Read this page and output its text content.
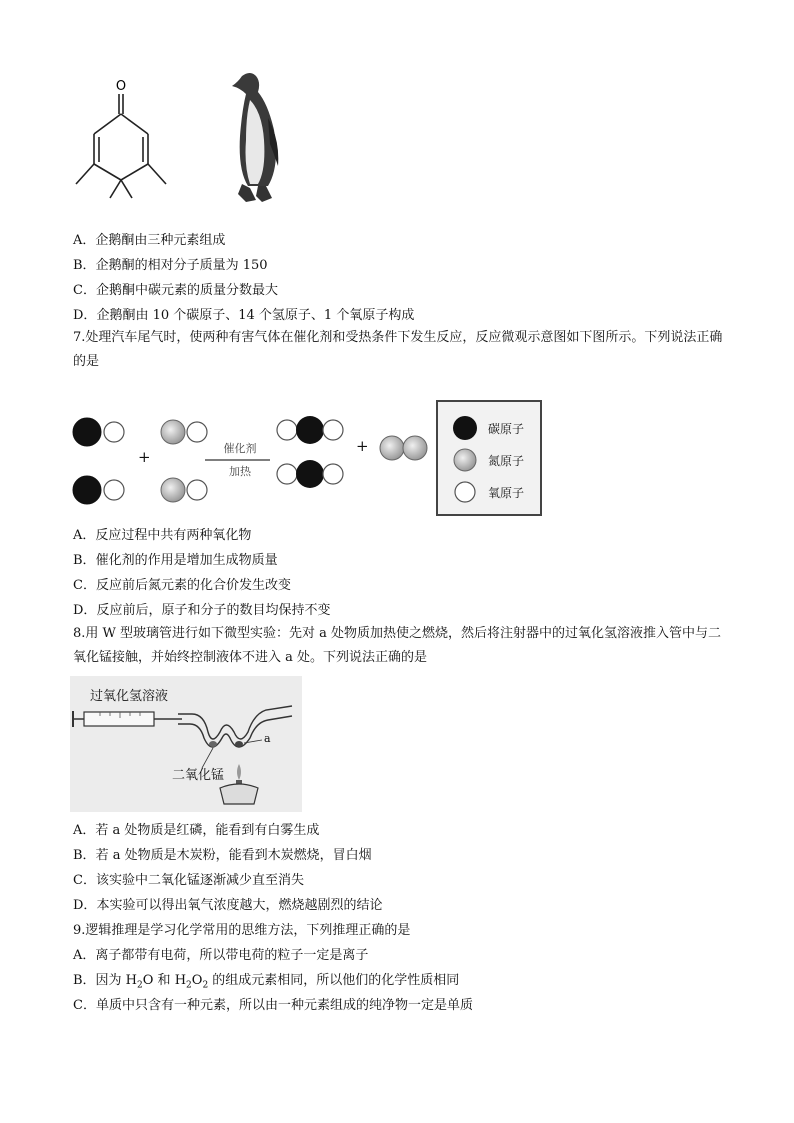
O
A．企鹅酮由三种元素组成
B．企鹅酮的相对分子质量为 150
C．企鹅酮中碳元素的质量分数最大
D．企鹅酮由 10 个碳原子、14 个氢原子、1 个氧原子构成
7.处理汽车尾气时，使两种有害气体在催化剂和受热条件下发生反应，反应微观示意图如下图所示。下列说法正确的是
+
+
催化剂
加热
碳原子
氮原子
氧原子
A．反应过程中共有两种氧化物
B．催化剂的作用是增加生成物质量
C．反应前后氮元素的化合价发生改变
D．反应前后，原子和分子的数目均保持不变
8.用 W 型玻璃管进行如下微型实验：先对 a 处物质加热使之燃烧，然后将注射器中的过氧化氢溶液推入管中与二氧化锰接触，并始终控制液体不进入 a 处。下列说法正确的是
过氧化氢溶液
二氧化锰
a
A．若 a 处物质是红磷，能看到有白雾生成
B．若 a 处物质是木炭粉，能看到木炭燃烧，冒白烟
C．该实验中二氧化锰逐渐减少直至消失
D．本实验可以得出氧气浓度越大，燃烧越剧烈的结论
9.逻辑推理是学习化学常用的思维方法，下列推理正确的是
A．离子都带有电荷，所以带电荷的粒子一定是离子
B．因为 $H_2O$ 和 $H_2O_2$ 的组成元素相同，所以他们的化学性质相同
C．单质中只含有一种元素，所以由一种元素组成的纯净物一定是单质
